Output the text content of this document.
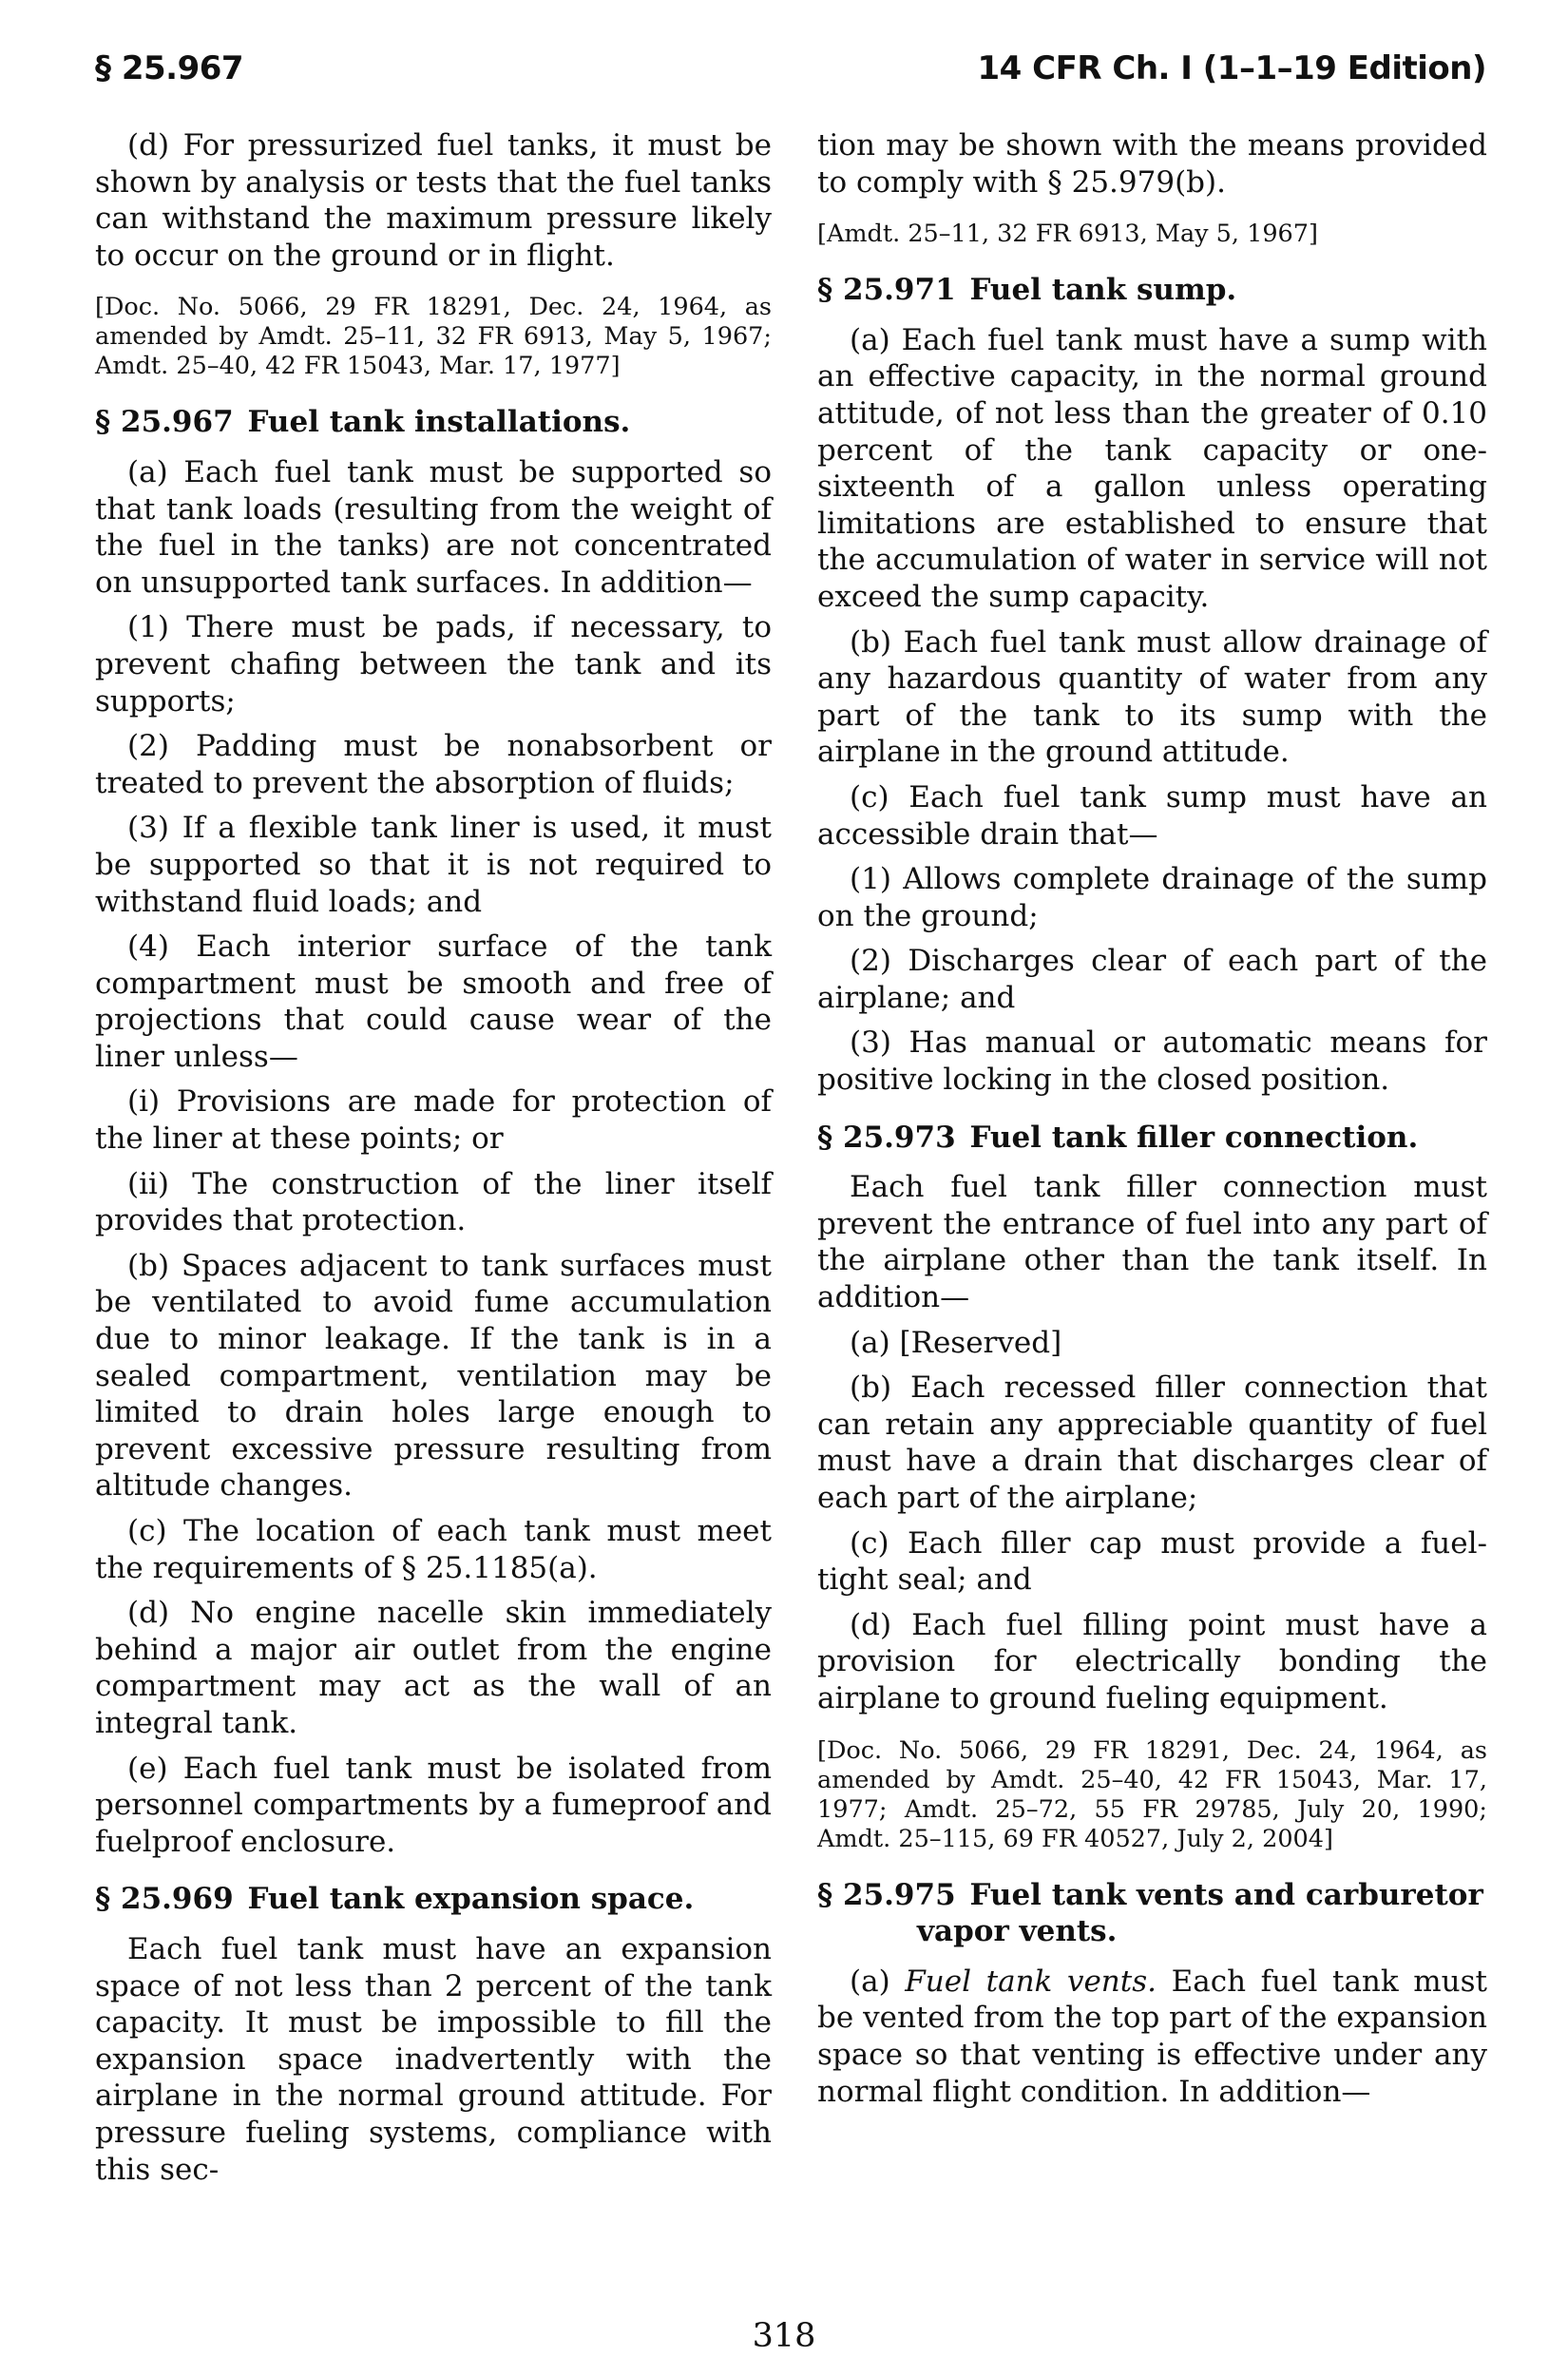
§ 25.967	14 CFR Ch. I (1–1–19 Edition)

(d) For pressurized fuel tanks, it must be shown by analysis or tests that the fuel tanks can withstand the maximum pressure likely to occur on the ground or in flight.

[Doc. No. 5066, 29 FR 18291, Dec. 24, 1964, as amended by Amdt. 25–11, 32 FR 6913, May 5, 1967; Amdt. 25–40, 42 FR 15043, Mar. 17, 1977]

§ 25.967 Fuel tank installations.

(a) Each fuel tank must be supported so that tank loads (resulting from the weight of the fuel in the tanks) are not concentrated on unsupported tank surfaces. In addition—

(1) There must be pads, if necessary, to prevent chafing between the tank and its supports;

(2) Padding must be nonabsorbent or treated to prevent the absorption of fluids;

(3) If a flexible tank liner is used, it must be supported so that it is not required to withstand fluid loads; and

(4) Each interior surface of the tank compartment must be smooth and free of projections that could cause wear of the liner unless—

(i) Provisions are made for protection of the liner at these points; or

(ii) The construction of the liner itself provides that protection.

(b) Spaces adjacent to tank surfaces must be ventilated to avoid fume accumulation due to minor leakage. If the tank is in a sealed compartment, ventilation may be limited to drain holes large enough to prevent excessive pressure resulting from altitude changes.

(c) The location of each tank must meet the requirements of § 25.1185(a).

(d) No engine nacelle skin immediately behind a major air outlet from the engine compartment may act as the wall of an integral tank.

(e) Each fuel tank must be isolated from personnel compartments by a fumeproof and fuelproof enclosure.

§ 25.969 Fuel tank expansion space.

Each fuel tank must have an expansion space of not less than 2 percent of the tank capacity. It must be impossible to fill the expansion space inadvertently with the airplane in the normal ground attitude. For pressure fueling systems, compliance with this sec-

tion may be shown with the means provided to comply with § 25.979(b).

[Amdt. 25–11, 32 FR 6913, May 5, 1967]

§ 25.971 Fuel tank sump.

(a) Each fuel tank must have a sump with an effective capacity, in the normal ground attitude, of not less than the greater of 0.10 percent of the tank capacity or one-sixteenth of a gallon unless operating limitations are established to ensure that the accumulation of water in service will not exceed the sump capacity.

(b) Each fuel tank must allow drainage of any hazardous quantity of water from any part of the tank to its sump with the airplane in the ground attitude.

(c) Each fuel tank sump must have an accessible drain that—

(1) Allows complete drainage of the sump on the ground;

(2) Discharges clear of each part of the airplane; and

(3) Has manual or automatic means for positive locking in the closed position.

§ 25.973 Fuel tank filler connection.

Each fuel tank filler connection must prevent the entrance of fuel into any part of the airplane other than the tank itself. In addition—

(a) [Reserved]

(b) Each recessed filler connection that can retain any appreciable quantity of fuel must have a drain that discharges clear of each part of the airplane;

(c) Each filler cap must provide a fuel-tight seal; and

(d) Each fuel filling point must have a provision for electrically bonding the airplane to ground fueling equipment.

[Doc. No. 5066, 29 FR 18291, Dec. 24, 1964, as amended by Amdt. 25–40, 42 FR 15043, Mar. 17, 1977; Amdt. 25–72, 55 FR 29785, July 20, 1990; Amdt. 25–115, 69 FR 40527, July 2, 2004]

§ 25.975 Fuel tank vents and carburetor vapor vents.

(a) Fuel tank vents. Each fuel tank must be vented from the top part of the expansion space so that venting is effective under any normal flight condition. In addition—

318
